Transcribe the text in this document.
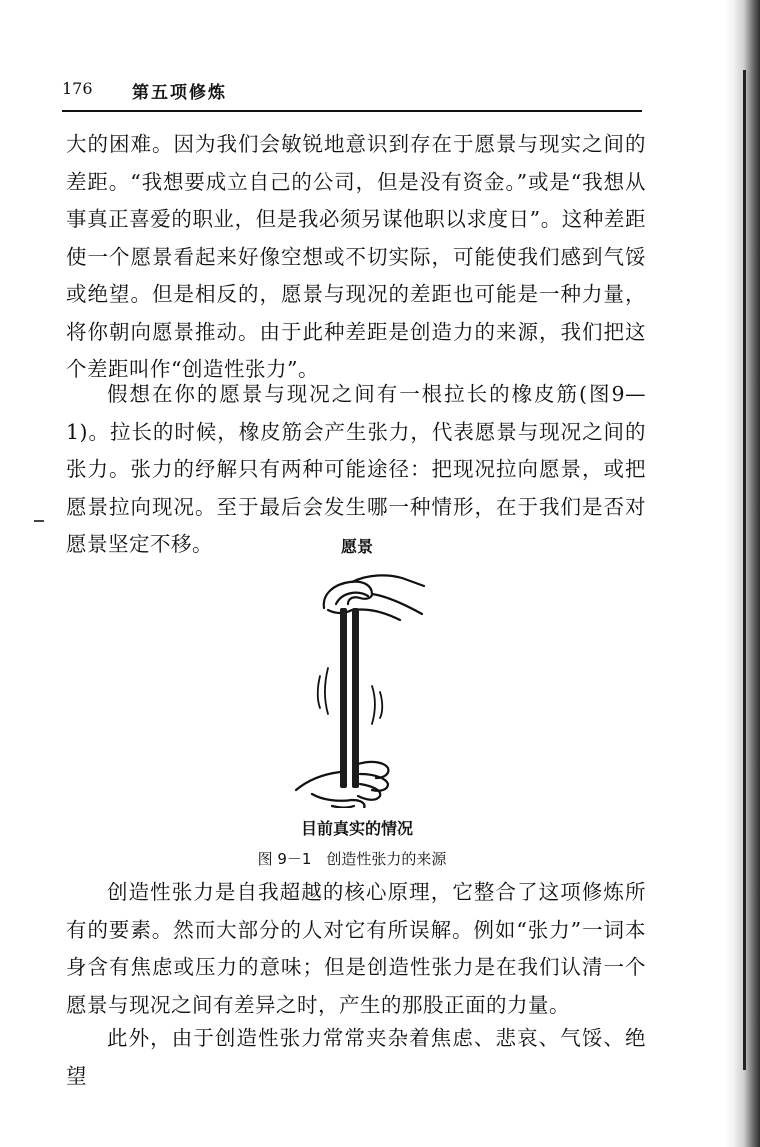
176 第五项修炼
大的困难。因为我们会敏锐地意识到存在于愿景与现实之间的差距。“我想要成立自己的公司，但是没有资金。”或是“我想从事真正喜爱的职业，但是我必须另谋他职以求度日”。这种差距使一个愿景看起来好像空想或不切实际，可能使我们感到气馁或绝望。但是相反的，愿景与现况的差距也可能是一种力量，将你朝向愿景推动。由于此种差距是创造力的来源，我们把这个差距叫作“创造性张力”。
假想在你的愿景与现况之间有一根拉长的橡皮筋(图9—1)。拉长的时候，橡皮筋会产生张力，代表愿景与现况之间的张力。张力的纾解只有两种可能途径：把现况拉向愿景，或把愿景拉向现况。至于最后会发生哪一种情形，在于我们是否对愿景坚定不移。	愿景
目前真实的情况
图 9－1　创造性张力的来源
创造性张力是自我超越的核心原理，它整合了这项修炼所有的要素。然而大部分的人对它有所误解。例如“张力”一词本身含有焦虑或压力的意味；但是创造性张力是在我们认清一个愿景与现况之间有差异之时，产生的那股正面的力量。
此外，由于创造性张力常常夹杂着焦虑、悲哀、气馁、绝望
